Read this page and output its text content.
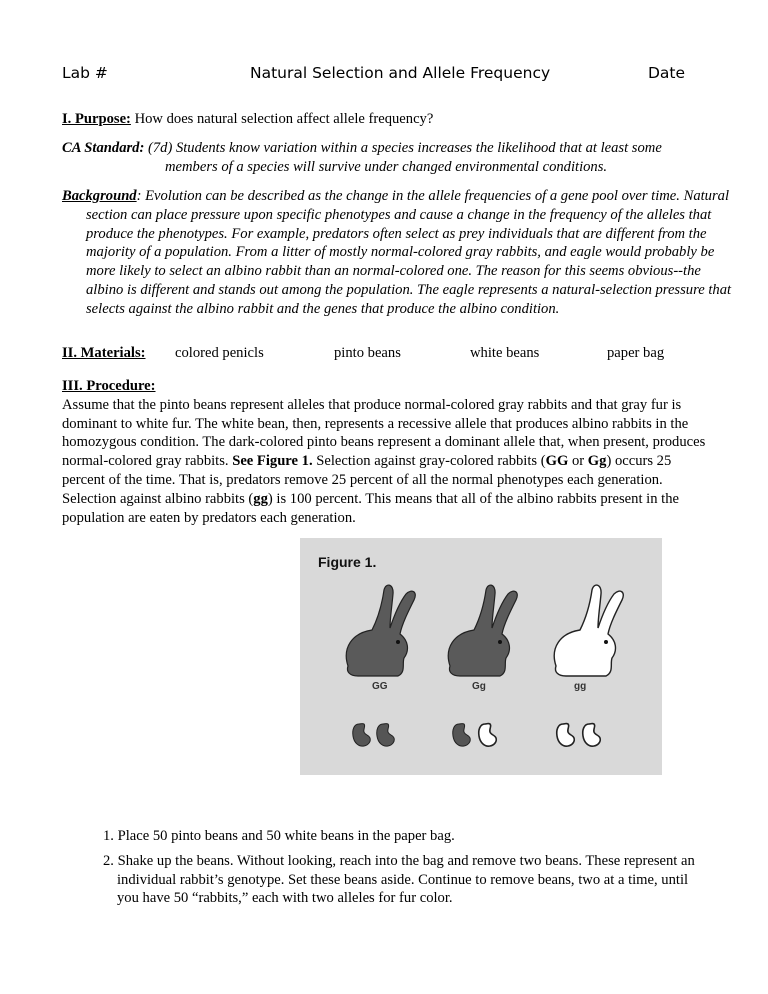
Lab #	Natural Selection and Allele Frequency	Date
I. Purpose: How does natural selection affect allele frequency?
CA Standard: (7d) Students know variation within a species increases the likelihood that at least some
members of a species will survive under changed environmental conditions.
Background: Evolution can be described as the change in the allele frequencies of a gene pool over time. Natural section can place pressure upon specific phenotypes and cause a change in the frequency of the alleles that produce the phenotypes. For example, predators often select as prey individuals that are different from the majority of a population. From a litter of mostly normal-colored gray rabbits, and eagle would probably be more likely to select an albino rabbit than an normal-colored one. The reason for this seems obvious--the albino is different and stands out among the population. The eagle represents a natural-selection pressure that selects against the albino rabbit and the genes that produce the albino condition.
II. Materials: colored penicls	pinto beans	white beans	paper bag
III. Procedure:
Assume that the pinto beans represent alleles that produce normal-colored gray rabbits and that gray fur is dominant to white fur. The white bean, then, represents a recessive allele that produces albino rabbits in the homozygous condition. The dark-colored pinto beans represent a dominant allele that, when present, produces normal-colored gray rabbits. See Figure 1. Selection against gray-colored rabbits (GG or Gg) occurs 25 percent of the time. That is, predators remove 25 percent of all the normal phenotypes each generation. Selection against albino rabbits (gg) is 100 percent. This means that all of the albino rabbits present in the population are eaten by predators each generation.
Figure 1.
GG	Gg	gg
1. Place 50 pinto beans and 50 white beans in the paper bag.
2. Shake up the beans. Without looking, reach into the bag and remove two beans. These represent an individual rabbit’s genotype. Set these beans aside. Continue to remove beans, two at a time, until you have 50 “rabbits,” each with two alleles for fur color.
